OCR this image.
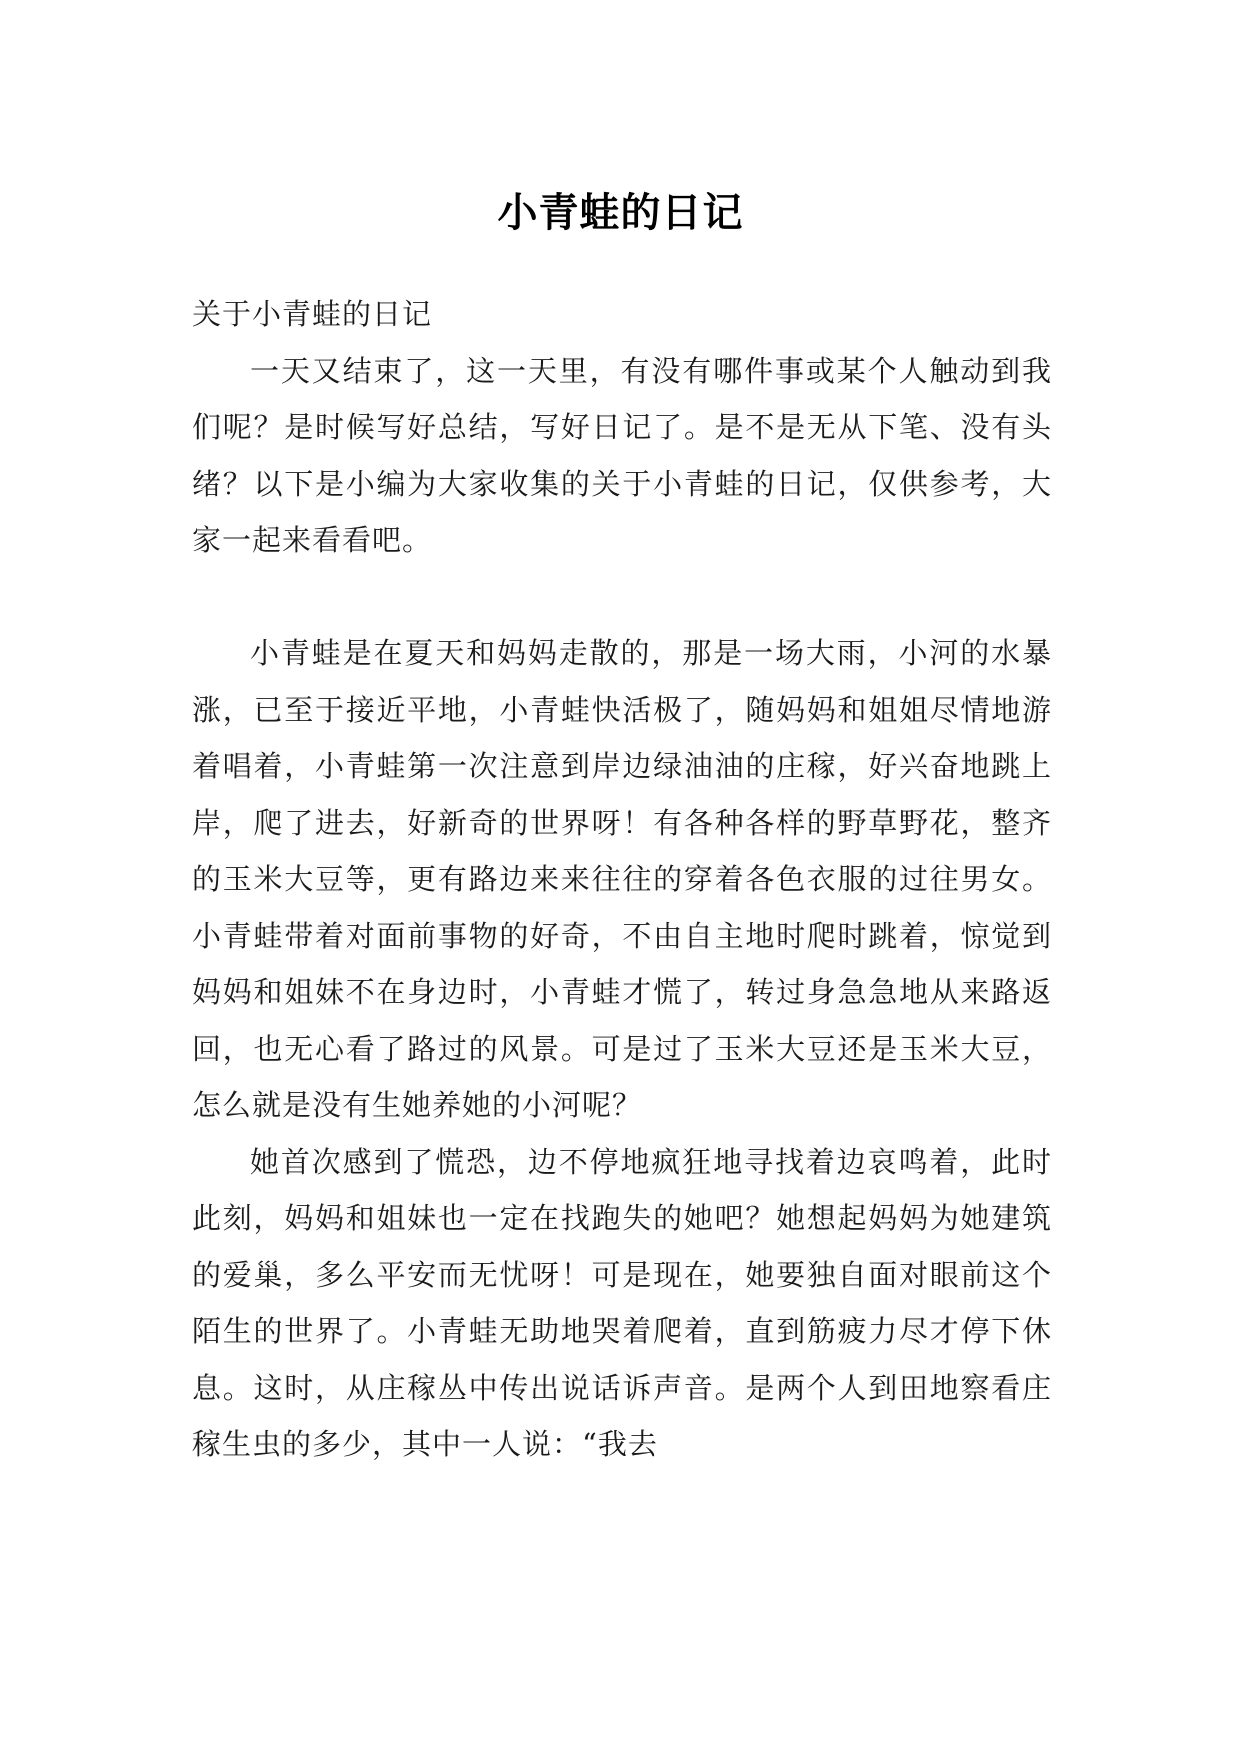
小青蛙的日记

关于小青蛙的日记

一天又结束了，这一天里，有没有哪件事或某个人触动到我们呢？是时候写好总结，写好日记了。是不是无从下笔、没有头绪？以下是小编为大家收集的关于小青蛙的日记，仅供参考，大家一起来看看吧。

小青蛙是在夏天和妈妈走散的，那是一场大雨，小河的水暴涨，已至于接近平地，小青蛙快活极了，随妈妈和姐姐尽情地游着唱着，小青蛙第一次注意到岸边绿油油的庄稼，好兴奋地跳上岸，爬了进去，好新奇的世界呀！有各种各样的野草野花，整齐的玉米大豆等，更有路边来来往往的穿着各色衣服的过往男女。小青蛙带着对面前事物的好奇，不由自主地时爬时跳着，惊觉到妈妈和姐妹不在身边时，小青蛙才慌了，转过身急急地从来路返回，也无心看了路过的风景。可是过了玉米大豆还是玉米大豆，怎么就是没有生她养她的小河呢？

她首次感到了慌恐，边不停地疯狂地寻找着边哀鸣着，此时此刻，妈妈和姐妹也一定在找跑失的她吧？她想起妈妈为她建筑的爱巢，多么平安而无忧呀！可是现在，她要独自面对眼前这个陌生的世界了。小青蛙无助地哭着爬着，直到筋疲力尽才停下休息。这时，从庄稼丛中传出说话诉声音。是两个人到田地察看庄稼生虫的多少，其中一人说：“我去
